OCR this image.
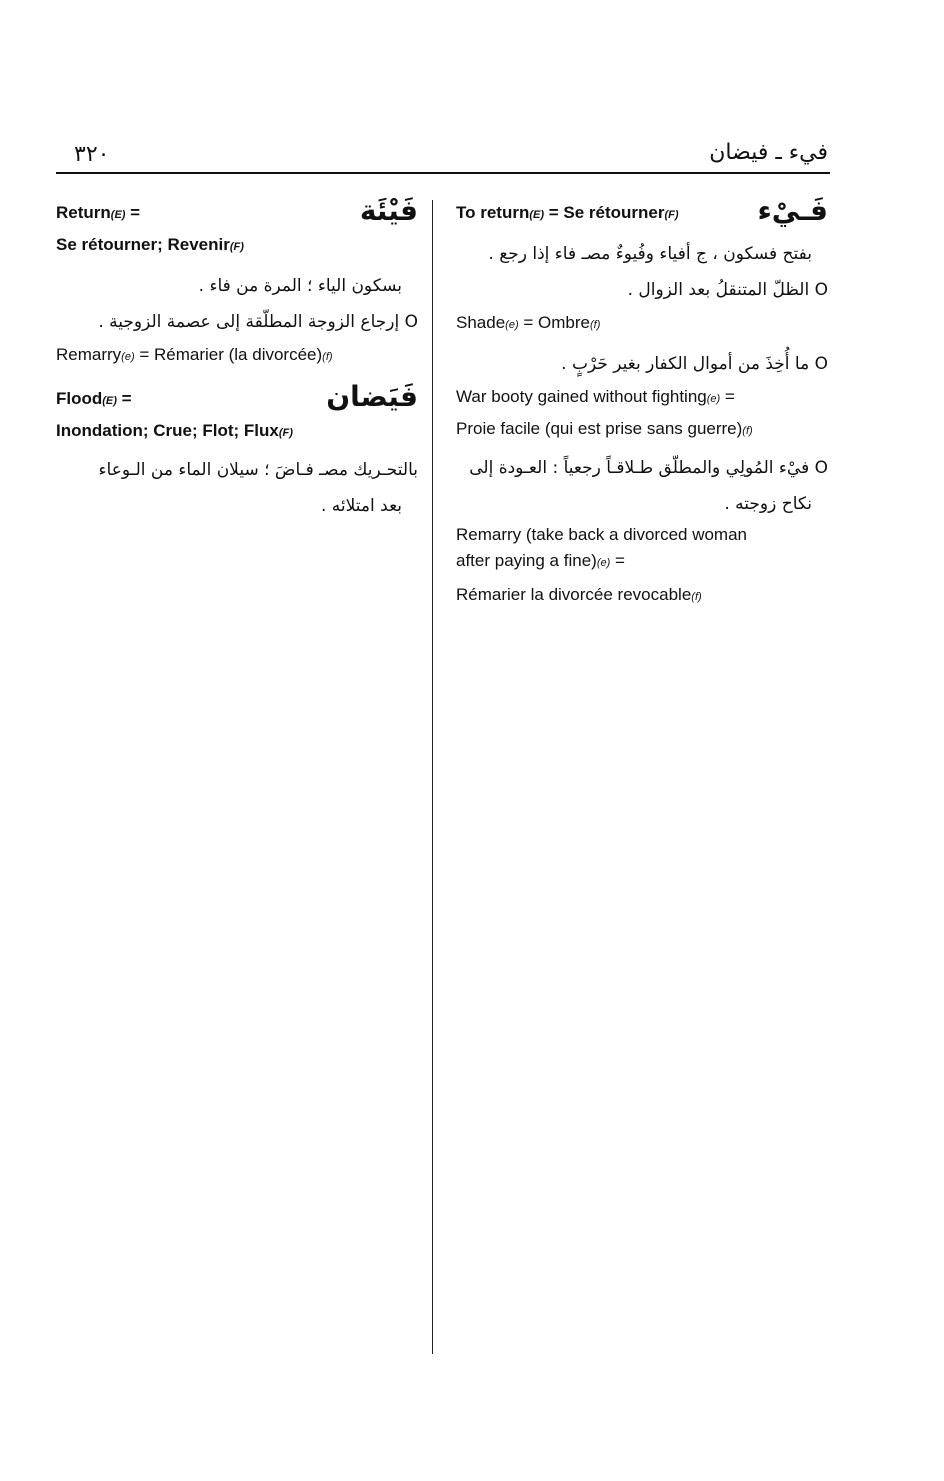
٣٢٠	فيء ـ فيضان
فَيْئَة
Return(E) =
Se rétourner; Revenir(F)
بسكون الياء ؛ المرة من فاء .
O إرجاع الزوجة المطلّقة إلى عصمة الزوجية .
Remarry(e) = Rémarier (la divorcée)(f)
فَيَضان
Flood(E) =
Inondation; Crue; Flot; Flux(F)
بالتحـريك مصـ فـاضَ ؛ سيلان الماء من الـوعاء
بعد امتلائه .
فَـيْء
To return(E) = Se rétourner(F)
بفتح فسكون ، ج أفياء وفُيوءٌ مصـ فاء إذا رجع .
O الظلّ المتنقلُ بعد الزوال .
Shade(e) = Ombre(f)
O ما أُخِذَ من أموال الكفار بغير حَرْبٍ .
War booty gained without fighting(e) =
Proie facile (qui est prise sans guerre)(f)
O فيْء المُولِي والمطلّق طـلاقـاً رجعياً : العـودة إلى
نكاح زوجته .
Remarry (take back a divorced woman
after paying a fine)(e) =
Rémarier la divorcée revocable(f)
